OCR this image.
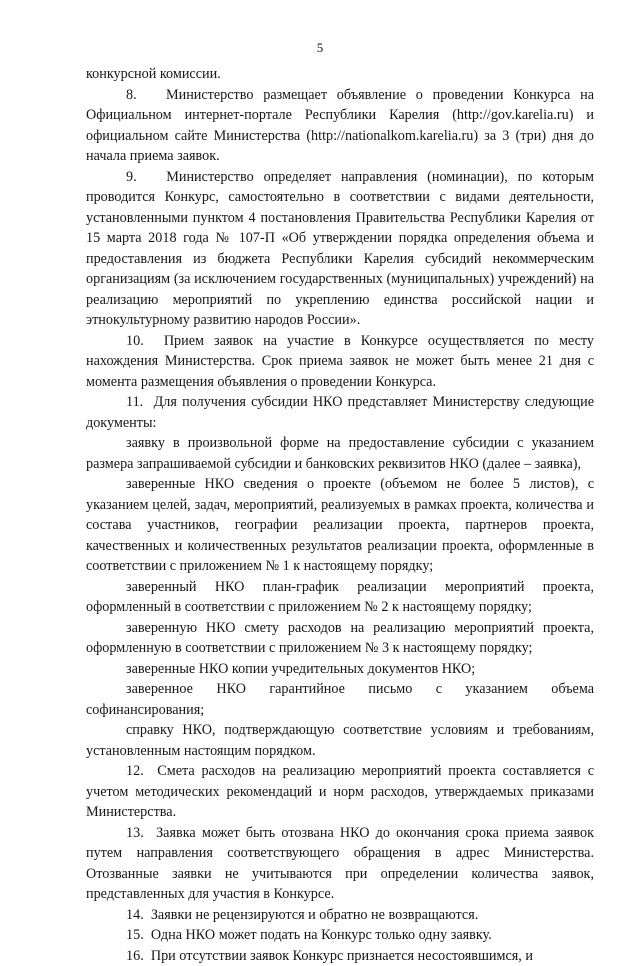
5

конкурсной комиссии.

8.   Министерство размещает объявление о проведении Конкурса на Официальном интернет-портале Республики Карелия (http://gov.karelia.ru) и официальном сайте Министерства (http://nationalkom.karelia.ru) за 3 (три) дня до начала приема заявок.

9.   Министерство определяет направления (номинации), по которым проводится Конкурс, самостоятельно в соответствии с видами деятельности, установленными пунктом 4 постановления Правительства Республики Карелия от 15 марта 2018 года № 107-П «Об утверждении порядка определения объема и предоставления из бюджета Республики Карелия субсидий некоммерческим организациям (за исключением государственных (муниципальных) учреждений) на реализацию мероприятий по укреплению единства российской нации и этнокультурному развитию народов России».

10.  Прием заявок на участие в Конкурсе осуществляется по месту нахождения Министерства. Срок приема заявок не может быть менее 21 дня с момента размещения объявления о проведении Конкурса.

11.  Для получения субсидии НКО представляет Министерству следующие документы:

заявку в произвольной форме на предоставление субсидии с указанием размера запрашиваемой субсидии и банковских реквизитов НКО (далее – заявка),

заверенные НКО сведения о проекте (объемом не более 5 листов), с указанием целей, задач, мероприятий, реализуемых в рамках проекта, количества и состава участников, географии реализации проекта, партнеров проекта, качественных и количественных результатов реализации проекта, оформленные в соответствии с приложением № 1 к настоящему порядку;

заверенный НКО план-график реализации мероприятий проекта, оформленный в соответствии с приложением № 2 к настоящему порядку;

заверенную НКО смету расходов на реализацию мероприятий проекта, оформленную в соответствии с приложением № 3 к настоящему порядку;

заверенные НКО копии учредительных документов НКО;

заверенное НКО гарантийное письмо с указанием объема софинансирования;

справку НКО, подтверждающую соответствие условиям и требованиям, установленным настоящим порядком.

12.  Смета расходов на реализацию мероприятий проекта составляется с учетом методических рекомендаций и норм расходов, утверждаемых приказами Министерства.

13.  Заявка может быть отозвана НКО до окончания срока приема заявок путем направления соответствующего обращения в адрес Министерства. Отозванные заявки не учитываются при определении количества заявок, представленных для участия в Конкурсе.

14.  Заявки не рецензируются и обратно не возвращаются.

15.  Одна НКО может подать на Конкурс только одну заявку.

16.  При отсутствии заявок Конкурс признается несостоявшимся, и
